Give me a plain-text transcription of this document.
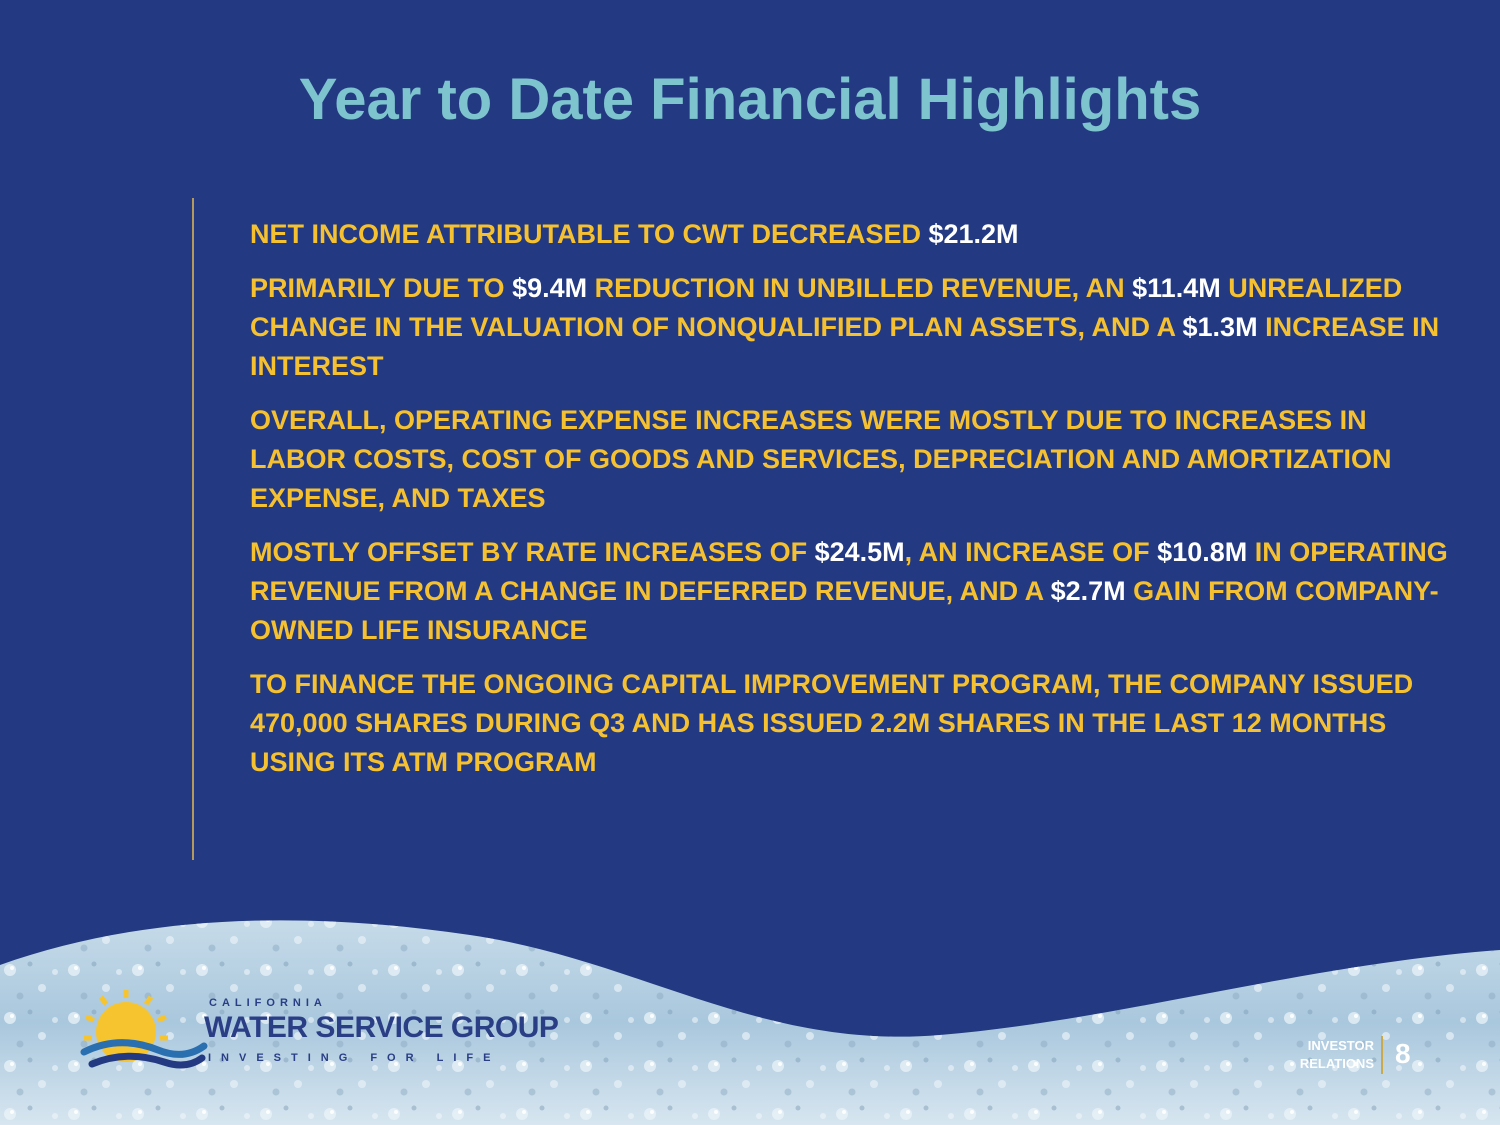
Year to Date Financial Highlights

NET INCOME ATTRIBUTABLE TO CWT DECREASED $21.2M

PRIMARILY DUE TO $9.4M REDUCTION IN UNBILLED REVENUE, AN $11.4M UNREALIZED CHANGE IN THE VALUATION OF NONQUALIFIED PLAN ASSETS, AND A $1.3M INCREASE IN INTEREST

OVERALL, OPERATING EXPENSE INCREASES WERE MOSTLY DUE TO INCREASES IN LABOR COSTS, COST OF GOODS AND SERVICES, DEPRECIATION AND AMORTIZATION EXPENSE, AND TAXES

MOSTLY OFFSET BY RATE INCREASES OF $24.5M, AN INCREASE OF $10.8M IN OPERATING REVENUE FROM A CHANGE IN DEFERRED REVENUE, AND A $2.7M GAIN FROM COMPANY-OWNED LIFE INSURANCE

TO FINANCE THE ONGOING CAPITAL IMPROVEMENT PROGRAM, THE COMPANY ISSUED 470,000 SHARES DURING Q3 AND HAS ISSUED 2.2M SHARES IN THE LAST 12 MONTHS USING ITS ATM PROGRAM

CALIFORNIA
WATER SERVICE GROUP
INVESTING FOR LIFE
INVESTOR
RELATIONS 8
